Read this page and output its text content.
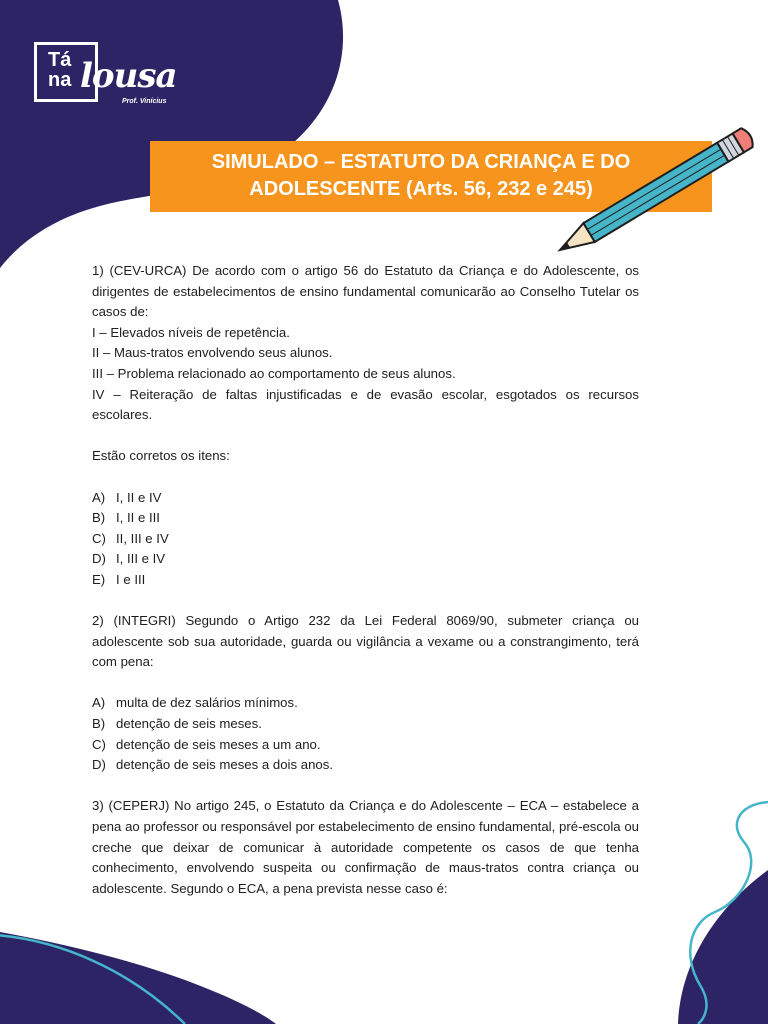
Tá
na lousa
Prof. Vinícius
SIMULADO – ESTATUTO DA CRIANÇA E DO ADOLESCENTE (Arts. 56, 232 e 245)

1) (CEV-URCA) De acordo com o artigo 56 do Estatuto da Criança e do Adolescente, os dirigentes de estabelecimentos de ensino fundamental comunicarão ao Conselho Tutelar os casos de:

I – Elevados níveis de repetência.

II – Maus-tratos envolvendo seus alunos.

III – Problema relacionado ao comportamento de seus alunos.

IV – Reiteração de faltas injustificadas e de evasão escolar, esgotados os recursos escolares.

Estão corretos os itens:

A) I, II e IV
B) I, II e III
C) II, III e IV
D) I, III e IV
E) I e III

2) (INTEGRI) Segundo o Artigo 232 da Lei Federal 8069/90, submeter criança ou adolescente sob sua autoridade, guarda ou vigilância a vexame ou a constrangimento, terá com pena:

A) multa de dez salários mínimos.
B) detenção de seis meses.
C) detenção de seis meses a um ano.
D) detenção de seis meses a dois anos.

3) (CEPERJ) No artigo 245, o Estatuto da Criança e do Adolescente – ECA – estabelece a pena ao professor ou responsável por estabelecimento de ensino fundamental, pré-escola ou creche que deixar de comunicar à autoridade competente os casos de que tenha conhecimento, envolvendo suspeita ou confirmação de maus-tratos contra criança ou adolescente. Segundo o ECA, a pena prevista nesse caso é:
